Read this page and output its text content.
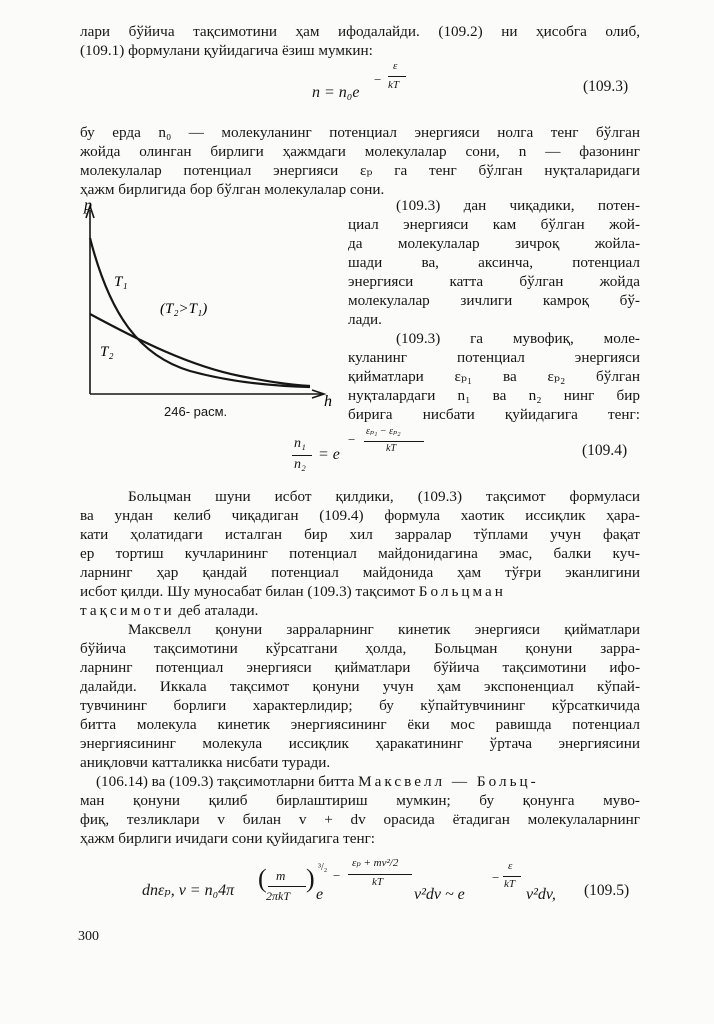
лари бўйича тақсимотини ҳам ифодалайди. (109.2) ни ҳисобга олиб,
(109.1) формулани қуйидагича ёзиш мумкин:
n = n₀e
−
ε
kT	(109.3)
бу ерда n₀ — молекуланинг потенциал энергияси нолга тенг бўлган
жойда олинган бирлиги ҳажмдаги молекулалар сони, n — фазонинг
молекулалар потенциал энергияси εₚ га тенг бўлган нуқталаридаги
ҳажм бирлигида бор бўлган молекулалар сони.
p
h
T₁
T₂
(T₂>T₁)
246- расм.
(109.3) дан чиқадики, потен-
циал энергияси кам бўлган жой-
да молекулалар зичроқ жойла-
шади ва, аксинча, потенциал
энергияси катта бўлган жойда
молекулалар зичлиги камроқ бў-
лади.
(109.3) га мувофиқ, моле-
куланинг потенциал энергияси
қийматлари εₚ₁ ва εₚ₂ бўлган
нуқталардаги n₁ ва n₂ нинг бир
бирига нисбати қуйидагига тенг:
n₁
n₂
= e
−
εₚ₁ − εₚ₂
kT	(109.4)
Больцман шуни исбот қилдики, (109.3) тақсимот формуласи
ва ундан келиб чиқадиган (109.4) формула хаотик иссиқлик ҳара-
кати ҳолатидаги исталган бир хил зарралар тўплами учун фақат
ер тортиш кучларининг потенциал майдонидагина эмас, балки куч-
ларнинг ҳар қандай потенциал майдонида ҳам тўғри эканлигини
исбот қилди. Шу муносабат билан (109.3) тақсимот Больцман
тақсимоти деб аталади.
Максвелл қонуни зарраларнинг кинетик энергияси қийматлари
бўйича тақсимотини кўрсатгани ҳолда, Больцман қонуни зарра-
ларнинг потенциал энергияси қийматлари бўйича тақсимотини ифо-
далайди. Иккала тақсимот қонуни учун ҳам экспоненциал кўпай-
тувчининг борлиги характерлидир; бу кўпайтувчининг кўрсаткичида
битта молекула кинетик энергиясининг ёки мос равишда потенциал
энергиясининг молекула иссиқлик ҳаракатининг ўртача энергиясини
аниқловчи катталикка нисбати туради.
(106.14) ва (109.3) тақсимотларни битта Максвелл — Больц-
ман қонуни қилиб бирлаштириш мумкин; бу қонунга муво-
фиқ, тезликлари v билан v + dv орасида ётадиган молекулаларнинг
ҳажм бирлиги ичидаги сони қуйидагига тенг:
dnεₚ, v = n₀4π ( m
2πkT
) ³/₂
e
−
εₚ + mv²/2
kT
v²dv ~ e
−
ε
kT
v²dv, (109.5)
300
